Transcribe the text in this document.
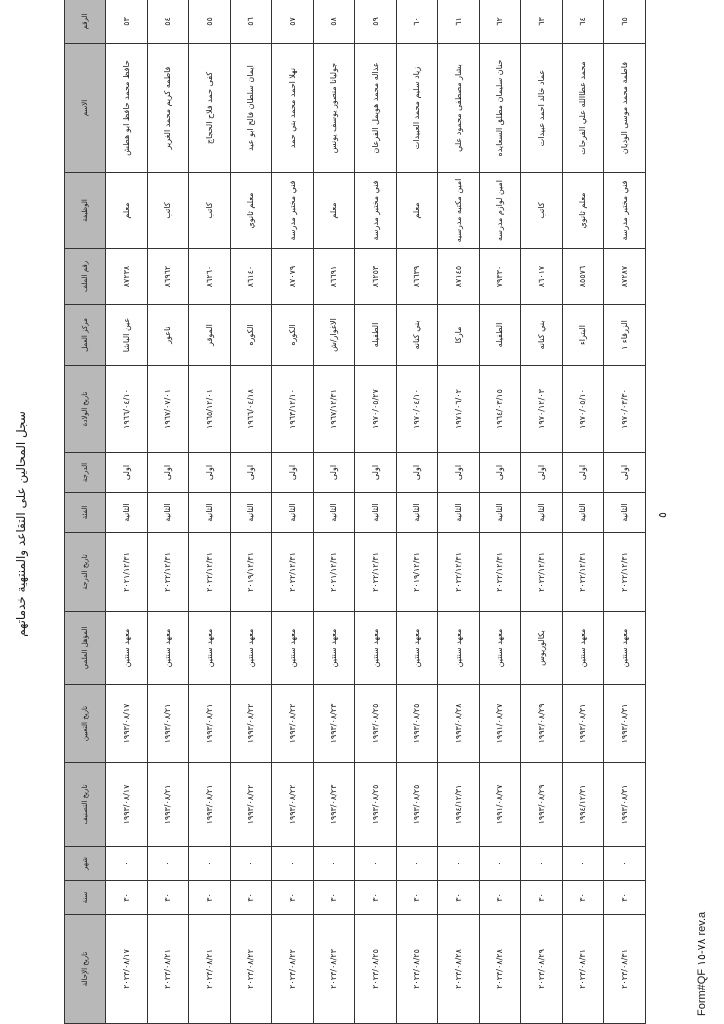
سجل المحالين على التقاعد والمنتهية خدماتهم
الرقم	الاسم	الوظيفة	رقم الملف	مركز العمل	تاريخ الولادة	الدرجة	الفئة	تاريخ الدرجة	المؤهل العلمي	تاريخ التعيين	تاريخ التصنيف	شهر	سنة	تاريخ الإحالة
٥٣	حافظ محمد حافظ ابو هطش	معلم	٨٧٢٣٨	عين الباشا	١٩٦٦/٠٤/١٠	اولى	الثانية	٢٠٢١/١٢/٣١	معهد سنتين	١٩٩٣/٠٨/١٧	١٩٩٣/٠٨/١٧	٠	٣٠	٢٠٢٣/٠٨/١٧
٥٤	فاطمه كريم محمد الغرير	كاتب	٨٦٩٦٢	ناعور	١٩٦٧/٠٧/٠١	اولى	الثانية	٢٠٢٢/١٢/٣١	معهد سنتين	١٩٩٣/٠٨/٢١	١٩٩٣/٠٨/٢١	٠	٣٠	٢٠٢٣/٠٨/٢١
٥٥	كفى حمد فلاح الحجاج	كاتب	٨٦٢٦٠	الموقر	١٩٦٥/١٢/٠١	اولى	الثانية	٢٠٢٢/١٢/٣١	معهد سنتين	١٩٩٣/٠٨/٢١	١٩٩٣/٠٨/٢١	٠	٣٠	٢٠٢٣/٠٨/٢١
٥٦	ايمان سلطان فالح ابو عيد	معلم ثانوي	٨٦١٤٠	الكوره	١٩٦٦/٠٤/١٨	اولى	الثانية	٢٠١٩/١٢/٣١	معهد سنتين	١٩٩٣/٠٨/٢٢	١٩٩٣/٠٨/٢٢	٠	٣٠	٢٠٢٣/٠٨/٢٢
٥٧	نهلا احمد محمد بني حمد	فني مختبر مدرسة	٨٧٠٧٩	الكوره	١٩٦٣/١٢/١٠	اولى	الثانية	٢٠٢٢/١٢/٣١	معهد سنتين	١٩٩٣/٠٨/٢٢	١٩٩٣/٠٨/٢٢	٠	٣٠	٢٠٢٣/٠٨/٢٢
٥٨	جوليانا منصور يوسف يونس	معلم	٨٦٦٩١	الاغوار/ش	١٩٦٧/١٢/٣١	اولى	الثانية	٢٠٢١/١٢/٣١	معهد سنتين	١٩٩٣/٠٨/٢٣	١٩٩٣/٠٨/٢٣	٠	٣٠	٢٠٢٣/٠٨/٢٣
٥٩	عذاله محمد هويمل الفرعان	فني مختبر مدرسة	٨٦٢٥٣	الطفيله	١٩٧٠/٠٥/٢٧	اولى	الثانية	٢٠٢٢/١٢/٣١	معهد سنتين	١٩٩٣/٠٨/٢٥	١٩٩٣/٠٨/٢٥	٠	٣٠	٢٠٢٣/٠٨/٢٥
٦٠	زياد سليم محمد العبيدات	معلم	٨٦٦٣٩	بني كنانه	١٩٧٠/٠٤/١٠	اولى	الثانية	٢٠١٩/١٢/٣١	معهد سنتين	١٩٩٣/٠٨/٢٥	١٩٩٣/٠٨/٢٥	٠	٣٠	٢٠٢٣/٠٨/٢٥
٦١	بشار مصطفى محمود علي	امين مكتبه مدرسيه	٨٧١٤٥	ماركا	١٩٧١/٠٦/٠٢	اولى	الثانية	٢٠٢٢/١٢/٣١	معهد سنتين	١٩٩٣/٠٨/٢٨	١٩٩٤/١٢/٣١	٠	٣٠	٢٠٢٣/٠٨/٢٨
٦٢	حنان سليمان مطلق السعايده	امين لوازم مدرسه	٧٩٣٣٠	الطفيله	١٩٦٤/٠٣/١٥	اولى	الثانية	٢٠٢٢/١٢/٣١	معهد سنتين	١٩٩١/٠٨/٢٧	١٩٩١/٠٨/٢٧	٠	٣٠	٢٠٢٣/٠٨/٢٨
٦٣	عماد خالد احمد عبيدات	كاتب	٨٦٠١٧	بني كنانه	١٩٧٠/١٢/٠٣	اولى	الثانية	٢٠٢٢/١٢/٣١	بكالوريوس	١٩٩٣/٠٨/٢٩	١٩٩٣/٠٨/٢٩	٠	٣٠	٢٠٢٣/٠٨/٢٩
٦٤	محمد عطاالله علي الفرحات	معلم ثانوي	٨٥٥٧٦	البتراء	١٩٧٠/٠٥/١٠	اولى	الثانية	٢٠٢٢/١٢/٣١	معهد سنتين	١٩٩٣/٠٨/٣١	١٩٩٤/١٢/٣١	٠	٣٠	٢٠٢٣/٠٨/٣١
٦٥	فاطمة محمد موسى الوديان	فني مختبر مدرسة	٨٧٢٨٧	الزرقاء ١	١٩٧٠/٠٣/٣٠	اولى	الثانية	٢٠٢٢/١٢/٣١	معهد سنتين	١٩٩٣/٠٨/٣١	١٩٩٣/٠٨/٣١	٠	٣٠	٢٠٢٣/٠٨/٣١
٥
Form#QF ٧٨-١٥ rev.a
